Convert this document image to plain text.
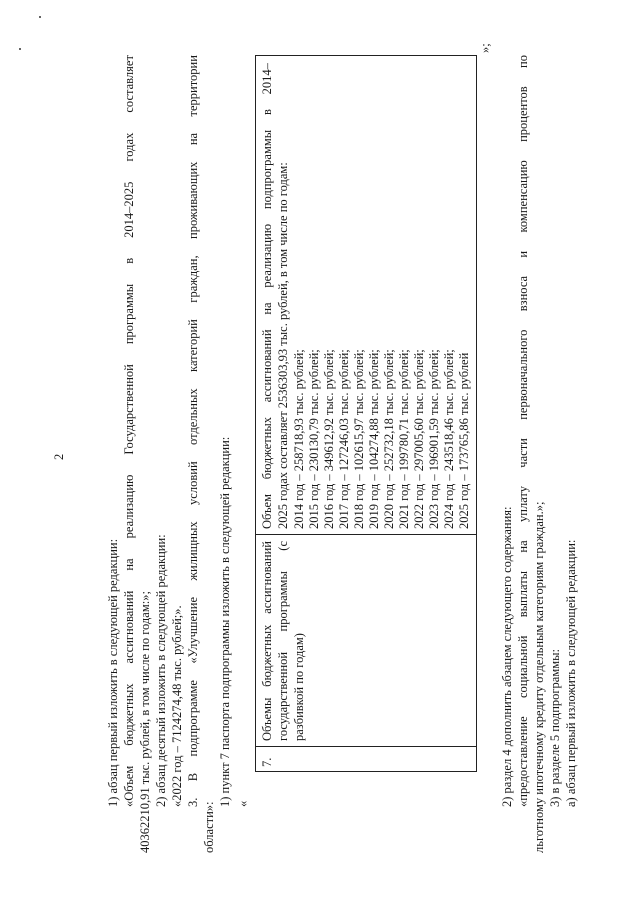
2
1) абзац первый изложить в следующей редакции: «Объем
бюджетных
ассигнований
на
реализацию
Государственной
программы
в
2014–2025
годах
составляет
40362210,91 тыс. рублей, в том числе по годам:»; 2) абзац десятый изложить в следующей редакции: «2022 год – 7124274,48 тыс. рублей;». 3.
В
подпрограмме
«Улучшение
жилищных
условий
отдельных
категорий
граждан,
проживающих
на
территории
области»:
1) пункт 7 паспорта подпрограммы изложить в следующей редакции: «
7.
Объемы
бюджетных
ассигнований
государственной
программы
(с
разбивкой по годам)
Объем
бюджетных
ассигнований
на
реализацию
подпрограммы
в
2014–
2025 годах составляет 2536303,93 тыс. рублей, в том числе по годам: 2014 год – 258718,93 тыс. рублей; 2015 год – 230130,79 тыс. рублей; 2016 год – 349612,92 тыс. рублей; 2017 год – 127246,03 тыс. рублей; 2018 год – 102615,97 тыс. рублей; 2019 год – 104274,88 тыс. рублей; 2020 год – 252732,18 тыс. рублей; 2021 год – 199780,71 тыс. рублей; 2022 год – 297005,60 тыс. рублей; 2023 год – 196901,59 тыс. рублей; 2024 год – 243518,46 тыс. рублей; 2025 год – 173765,86 тыс. рублей
»;
2) раздел 4 дополнить абзацем следующего содержания: «предоставление
социальной
выплаты
на
уплату
части
первоначального
взноса
и
компенсацию
процентов
по
льготному ипотечному кредиту отдельным категориям граждан.»; 3) в разделе 5 подпрограммы: а) абзац первый изложить в следующей редакции:
